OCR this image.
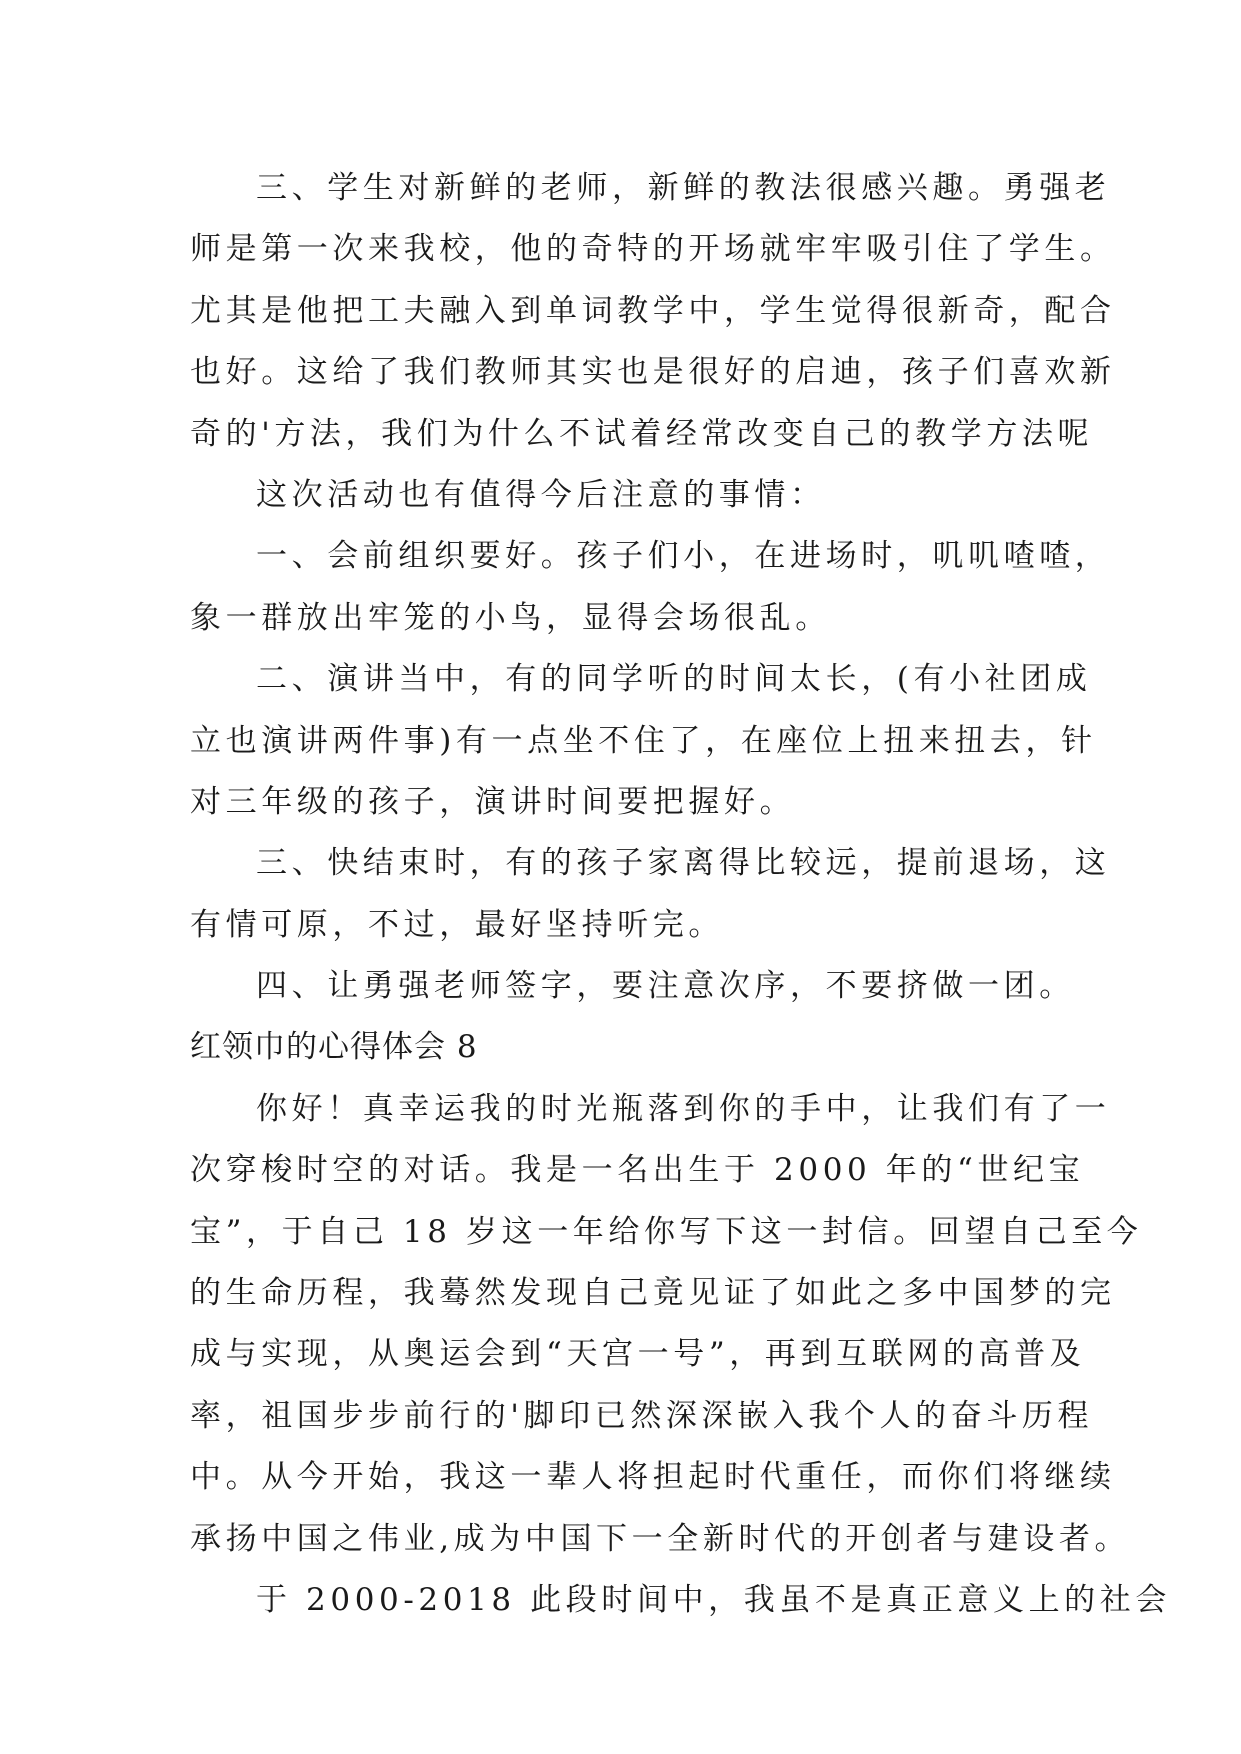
三、学生对新鲜的老师，新鲜的教法很感兴趣。勇强老
师是第一次来我校，他的奇特的开场就牢牢吸引住了学生。
尤其是他把工夫融入到单词教学中，学生觉得很新奇，配合
也好。这给了我们教师其实也是很好的启迪，孩子们喜欢新
奇的'方法，我们为什么不试着经常改变自己的教学方法呢
这次活动也有值得今后注意的事情：
一、会前组织要好。孩子们小，在进场时，叽叽喳喳，
象一群放出牢笼的小鸟，显得会场很乱。
二、演讲当中，有的同学听的时间太长，(有小社团成
立也演讲两件事)有一点坐不住了，在座位上扭来扭去，针
对三年级的孩子，演讲时间要把握好。
三、快结束时，有的孩子家离得比较远，提前退场，这
有情可原，不过，最好坚持听完。
四、让勇强老师签字，要注意次序，不要挤做一团。
红领巾的心得体会 8
你好！真幸运我的时光瓶落到你的手中，让我们有了一
次穿梭时空的对话。我是一名出生于 2000 年的“世纪宝
宝”，于自己 18 岁这一年给你写下这一封信。回望自己至今
的生命历程，我蓦然发现自己竟见证了如此之多中国梦的完
成与实现，从奥运会到“天宫一号”，再到互联网的高普及
率，祖国步步前行的'脚印已然深深嵌入我个人的奋斗历程
中。从今开始，我这一辈人将担起时代重任，而你们将继续
承扬中国之伟业,成为中国下一全新时代的开创者与建设者。
于 2000-2018 此段时间中，我虽不是真正意义上的社会
